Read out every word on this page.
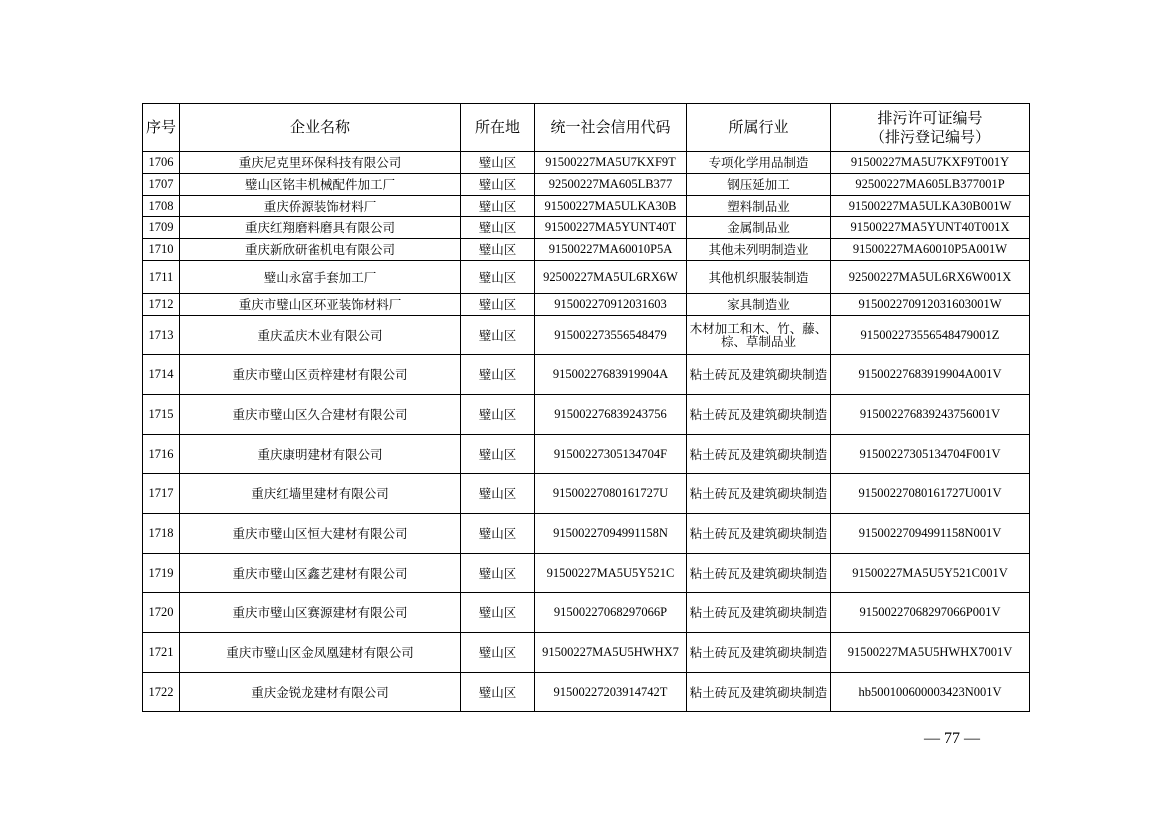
序号	企业名称	所在地	统一社会信用代码	所属行业	排污许可证编号
（排污登记编号）

1706	重庆尼克里环保科技有限公司	璧山区	91500227MA5U7KXF9T	专项化学用品制造	91500227MA5U7KXF9T001Y
1707	璧山区铭丰机械配件加工厂	璧山区	92500227MA605LB377	钢压延加工	92500227MA605LB377001P
1708	重庆侨源装饰材料厂	璧山区	91500227MA5ULKA30B	塑料制品业	91500227MA5ULKA30B001W
1709	重庆红翔磨料磨具有限公司	璧山区	91500227MA5YUNT40T	金属制品业	91500227MA5YUNT40T001X
1710	重庆新欣研雀机电有限公司	璧山区	91500227MA60010P5A	其他未列明制造业	91500227MA60010P5A001W
1711	璧山永富手套加工厂	璧山区	92500227MA5UL6RX6W	其他机织服装制造	92500227MA5UL6RX6W001X
1712	重庆市璧山区环亚装饰材料厂	璧山区	915002270912031603	家具制造业	915002270912031603001W
1713	重庆孟庆木业有限公司	璧山区	915002273556548479	木材加工和木、竹、藤、棕、草制品业	915002273556548479001Z
1714	重庆市璧山区贡梓建材有限公司	璧山区	91500227683919904A	粘土砖瓦及建筑砌块制造	91500227683919904A001V
1715	重庆市璧山区久合建材有限公司	璧山区	915002276839243756	粘土砖瓦及建筑砌块制造	915002276839243756001V
1716	重庆康明建材有限公司	璧山区	91500227305134704F	粘土砖瓦及建筑砌块制造	91500227305134704F001V
1717	重庆红墙里建材有限公司	璧山区	91500227080161727U	粘土砖瓦及建筑砌块制造	91500227080161727U001V
1718	重庆市璧山区恒大建材有限公司	璧山区	91500227094991158N	粘土砖瓦及建筑砌块制造	91500227094991158N001V
1719	重庆市璧山区鑫艺建材有限公司	璧山区	91500227MA5U5Y521C	粘土砖瓦及建筑砌块制造	91500227MA5U5Y521C001V
1720	重庆市璧山区赛源建材有限公司	璧山区	91500227068297066P	粘土砖瓦及建筑砌块制造	91500227068297066P001V
1721	重庆市璧山区金凤凰建材有限公司	璧山区	91500227MA5U5HWHX7	粘土砖瓦及建筑砌块制造	91500227MA5U5HWHX7001V
1722	重庆金锐龙建材有限公司	璧山区	91500227203914742T	粘土砖瓦及建筑砌块制造	hb500100600003423N001V
— 77 —
